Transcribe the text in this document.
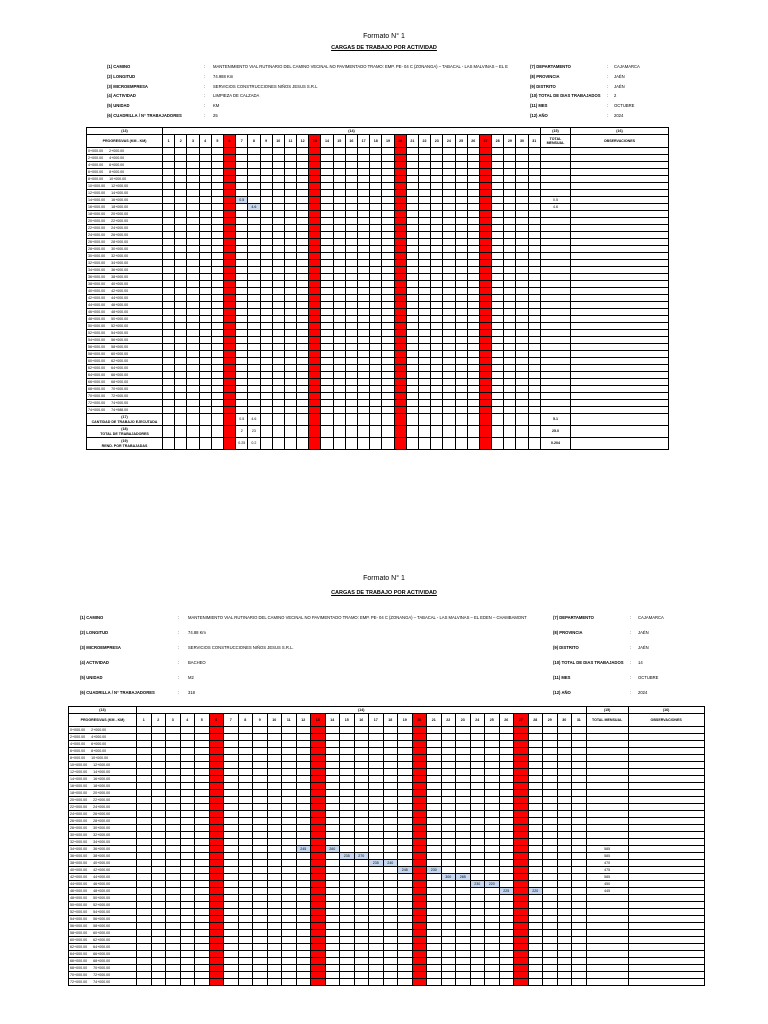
Formato N° 1
CARGAS DE TRABAJO POR ACTIVIDAD
(1) CAMINO	: MANTENIMIENTO VIAL RUTINARIO DEL CAMINO VECINAL NO PAVIMENTADO TRAMO: EMP. PE- 04 C (ZONANGA) – TABACAL - LAS MALVINAS – EL E
(2) LONGITUD	: 74.988 Km
(3) MICROEMPRESA	: SERVICIOS CONSTRUCCIONES NIÑOS JESUS S.R.L
(4) ACTIVIDAD	: LIMPIEZA DE CALZADA
(5) UNIDAD	: KM
(6) CUADRILLA / N° TRABAJADORES	: 25
(7) DEPARTAMENTO	: CAJAMARCA
(8) PROVINCIA	: JAÉN
(9) DISTRITO	: JAÉN
(10) TOTAL DE DIAS TRABAJADOS : 2
(11) MES	: OCTUBRE
(12) AÑO	: 2024
(13)	(14)																															(15)	(16)
PROGRESIVAS (KM - KM)	1	2	3	4	5	6	7	8	9	10	11	12	13	14	15	16	17	18	19	20	21	22	23	24	25	26	27	28	29	30	31	TOTAL MENSUAL	OBSERVACIONES
0+000.00 2+000.00																																	
2+000.00 4+000.00																																	
4+000.00 6+000.00																																	
6+000.00 8+000.00																																	
8+000.00 10+000.00																																	
10+000.00 12+000.00																																	
12+000.00 14+000.00																																	
14+000.00 16+000.00							0.5																									0.5	
16+000.00 18+000.00								4.6																								4.6	
18+000.00 20+000.00																																	
20+000.00 22+000.00																																	
22+000.00 24+000.00																																	
24+000.00 26+000.00																																	
26+000.00 28+000.00																																	
28+000.00 30+000.00																																	
30+000.00 32+000.00																																	
32+000.00 34+000.00																																	
34+000.00 36+000.00																																	
36+000.00 38+000.00																																	
38+000.00 40+000.00																																	
40+000.00 42+000.00																																	
42+000.00 44+000.00																																	
44+000.00 46+000.00																																	
46+000.00 48+000.00																																	
48+000.00 50+000.00																																	
50+000.00 52+000.00																																	
52+000.00 54+000.00																																	
54+000.00 56+000.00																																	
56+000.00 58+000.00																																	
58+000.00 60+000.00																																	
60+000.00 62+000.00																																	
62+000.00 64+000.00																																	
64+000.00 66+000.00																																	
66+000.00 68+000.00																																	
68+000.00 70+000.00																																	
70+000.00 72+000.00																																	
72+000.00 74+000.00																																	
74+000.00 74+988.00																																	

(17)
CANTIDAD DE TRABAJO EJECUTADA							0.5	4.6																								5.1	

(18)
TOTAL DE TRABAJADORES							2	23																								25.0	

(19)
REND. POR TRABAJADAS							0.25	0.2																								0.204	
Formato N° 1
CARGAS DE TRABAJO POR ACTIVIDAD
(1) CAMINO	: MANTENIMIENTO VIAL RUTINARIO DEL CAMINO VECINAL NO PAVIMENTADO TRAMO: EMP. PE- 04 C (ZONANGA) – TABACAL - LAS MALVINAS – EL EDEN – CHAMBAMONT
(2) LONGITUD	: 74.88 Km
(3) MICROEMPRESA	: SERVICIOS CONSTRUCCIONES NIÑOS JESUS S.R.L.
(4) ACTIVIDAD	: BACHEO
(5) UNIDAD	: M2
(6) CUADRILLA / N° TRABAJADORES	: 318
(7) DEPARTAMENTO	: CAJAMARCA
(8) PROVINCIA	: JAÉN
(9) DISTRITO	: JAÉN
(10) TOTAL DE DIAS TRABAJADOS : 14
(11) MES	: OCTUBRE
(12) AÑO	: 2024
(13)	(14)																															(15)	(16)
PROGRESIVAS (KM - KM)	1	2	3	4	5	6	7	8	9	10	11	12	13	14	15	16	17	18	19	20	21	22	23	24	25	26	27	28	29	30	31	TOTAL MENSUAL	OBSERVACIONES
0+000.00 2+000.00																																	
2+000.00 4+000.00																																	
4+000.00 6+000.00																																	
6+000.00 8+000.00																																	
8+000.00 10+000.00																																	
10+000.00 12+000.00																																	
12+000.00 14+000.00																																	
14+000.00 16+000.00																																	
16+000.00 18+000.00																																	
18+000.00 20+000.00																																	
20+000.00 22+000.00																																	
22+000.00 24+000.00																																	
24+000.00 26+000.00																																	
26+000.00 28+000.00																																	
28+000.00 30+000.00																																	
30+000.00 32+000.00																																	
32+000.00 34+000.00																																	
34+000.00 36+000.00												245		260																		585	
36+000.00 38+000.00															235	270																585	
38+000.00 40+000.00																	235	240														470	
40+000.00 42+000.00																			245		230											475	
42+000.00 44+000.00																						300	285									585	
44+000.00 46+000.00																								230	220							450	
46+000.00 48+000.00																										225		220				445	
48+000.00 50+000.00																																	
50+000.00 52+000.00																																	
52+000.00 54+000.00																																	
54+000.00 56+000.00																																	
56+000.00 58+000.00																																	
58+000.00 60+000.00																																	
60+000.00 62+000.00																																	
62+000.00 64+000.00																																	
64+000.00 66+000.00																																	
66+000.00 68+000.00																																	
68+000.00 70+000.00																																	
70+000.00 72+000.00																																	
72+000.00 74+000.00																																	
